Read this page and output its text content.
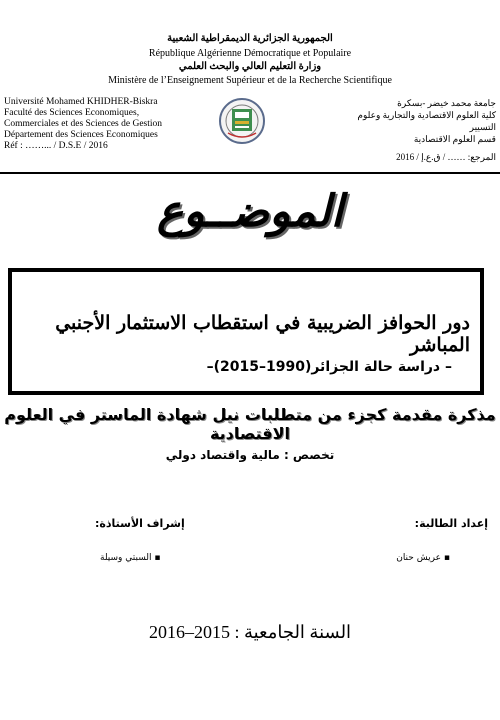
الجمهورية الجزائرية الديمقراطية الشعبية
République Algérienne Démocratique et Populaire
وزارة التعليم العالي والبحث العلمي
Ministère de l’Enseignement Supérieur et de la Recherche Scientifique
Université Mohamed KHIDHER-Biskra
Faculté des Sciences Economiques,
Commerciales et des Sciences de Gestion
Département des Sciences Economiques
Réf : ……... / D.S.E / 2016
جامعة محمد خيضر -بسكرة
كلية العلوم الاقتصادية والتجارية وعلوم التسيير
قسم العلوم الاقتصادية
المرجع: …… / ق.ع.إ / 2016
الموضــوع
دور الحوافز الضريبية في استقطاب الاستثمار الأجنبي المباشر
– دراسة حالة الجزائر(1990–2015)–
مذكرة مقدمة كجزء من متطلبات نيل شهادة الماستر في العلوم الاقتصادية
تخصص : مالية واقتصاد دولي
إعداد الطالبة:
إشراف الأستاذة:
▪ عريش حنان
▪ السبتي وسيلة
السنة الجامعية : 2015–2016
